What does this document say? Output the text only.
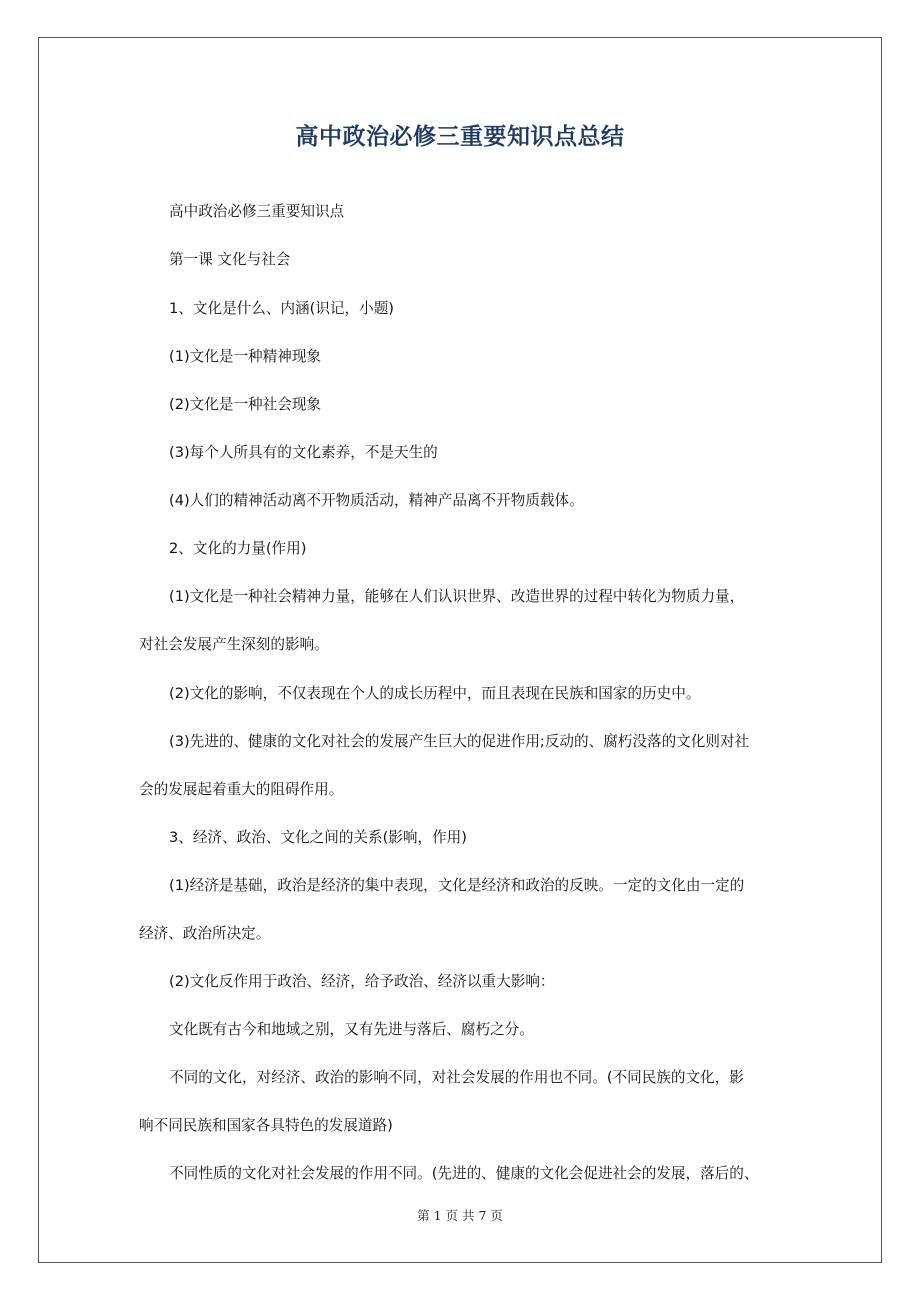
高中政治必修三重要知识点总结

高中政治必修三重要知识点

第一课 文化与社会

1、文化是什么、内涵(识记，小题)

(1)文化是一种精神现象

(2)文化是一种社会现象

(3)每个人所具有的文化素养，不是天生的

(4)人们的精神活动离不开物质活动，精神产品离不开物质载体。

2、文化的力量(作用)

(1)文化是一种社会精神力量，能够在人们认识世界、改造世界的过程中转化为物质力量，

对社会发展产生深刻的影响。

(2)文化的影响，不仅表现在个人的成长历程中，而且表现在民族和国家的历史中。

(3)先进的、健康的文化对社会的发展产生巨大的促进作用;反动的、腐朽没落的文化则对社

会的发展起着重大的阻碍作用。

3、经济、政治、文化之间的关系(影响，作用)

(1)经济是基础，政治是经济的集中表现，文化是经济和政治的反映。一定的文化由一定的

经济、政治所决定。

(2)文化反作用于政治、经济，给予政治、经济以重大影响：

文化既有古今和地域之别，又有先进与落后、腐朽之分。

不同的文化，对经济、政治的影响不同，对社会发展的作用也不同。(不同民族的文化，影

响不同民族和国家各具特色的发展道路)

不同性质的文化对社会发展的作用不同。(先进的、健康的文化会促进社会的发展，落后的、

第 1 页 共 7 页
